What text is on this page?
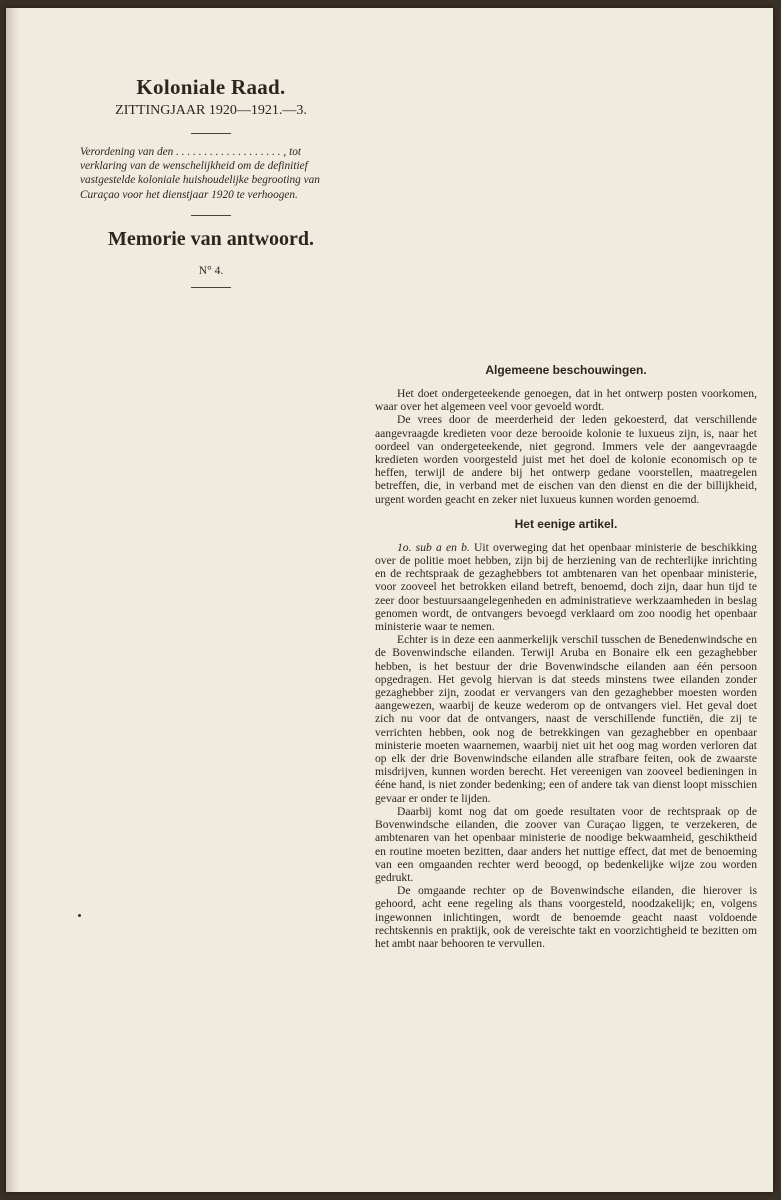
Koloniale Raad.

ZITTINGJAAR 1920—1921.—3.

Verordening van den . . . . . . . . . . . . . . . . . . . , tot verklaring van de wenschelijkheid om de definitief vastgestelde koloniale huishoudelijke begrooting van Curaçao voor het dienstjaar 1920 te verhoogen.

Memorie van antwoord.

N° 4.

Algemeene beschouwingen.

Het doet ondergeteekende genoegen, dat in het ontwerp posten voorkomen, waar over het algemeen veel voor gevoeld wordt.

De vrees door de meerderheid der leden gekoesterd, dat verschillende aangevraagde kredieten voor deze berooide kolonie te luxueus zijn, is, naar het oordeel van ondergeteekende, niet gegrond. Immers vele der aangevraagde kredieten worden voorgesteld juist met het doel de kolonie economisch op te heffen, terwijl de andere bij het ontwerp gedane voorstellen, maatregelen betreffen, die, in verband met de eischen van den dienst en die der billijkheid, urgent worden geacht en zeker niet luxueus kunnen worden genoemd.

Het eenige artikel.

1o. sub a en b. Uit overweging dat het openbaar ministerie de beschikking over de politie moet hebben, zijn bij de herziening van de rechterlijke inrichting en de rechtspraak de gezaghebbers tot ambtenaren van het openbaar ministerie, voor zooveel het betrokken eiland betreft, benoemd, doch zijn, daar hun tijd te zeer door bestuursaangelegenheden en administratieve werkzaamheden in beslag genomen wordt, de ontvangers bevoegd verklaard om zoo noodig het openbaar ministerie waar te nemen.

Echter is in deze een aanmerkelijk verschil tusschen de Benedenwindsche en de Bovenwindsche eilanden. Terwijl Aruba en Bonaire elk een gezaghebber hebben, is het bestuur der drie Bovenwindsche eilanden aan één persoon opgedragen. Het gevolg hiervan is dat steeds minstens twee eilanden zonder gezaghebber zijn, zoodat er vervangers van den gezaghebber moesten worden aangewezen, waarbij de keuze wederom op de ontvangers viel. Het geval doet zich nu voor dat de ontvangers, naast de verschillende functiën, die zij te verrichten hebben, ook nog de betrekkingen van gezaghebber en openbaar ministerie moeten waarnemen, waarbij niet uit het oog mag worden verloren dat op elk der drie Bovenwindsche eilanden alle strafbare feiten, ook de zwaarste misdrijven, kunnen worden berecht. Het vereenigen van zooveel bedieningen in ééne hand, is niet zonder bedenking; een of andere tak van dienst loopt misschien gevaar er onder te lijden.

Daarbij komt nog dat om goede resultaten voor de rechtspraak op de Bovenwindsche eilanden, die zoover van Curaçao liggen, te verzekeren, de ambtenaren van het openbaar ministerie de noodige bekwaamheid, geschiktheid en routine moeten bezitten, daar anders het nuttige effect, dat met de benoeming van een omgaanden rechter werd beoogd, op bedenkelijke wijze zou worden gedrukt.

De omgaande rechter op de Bovenwindsche eilanden, die hierover is gehoord, acht eene regeling als thans voorgesteld, noodzakelijk; en, volgens ingewonnen inlichtingen, wordt de benoemde geacht naast voldoende rechtskennis en praktijk, ook de vereischte takt en voorzichtigheid te bezitten om het ambt naar behooren te vervullen.
